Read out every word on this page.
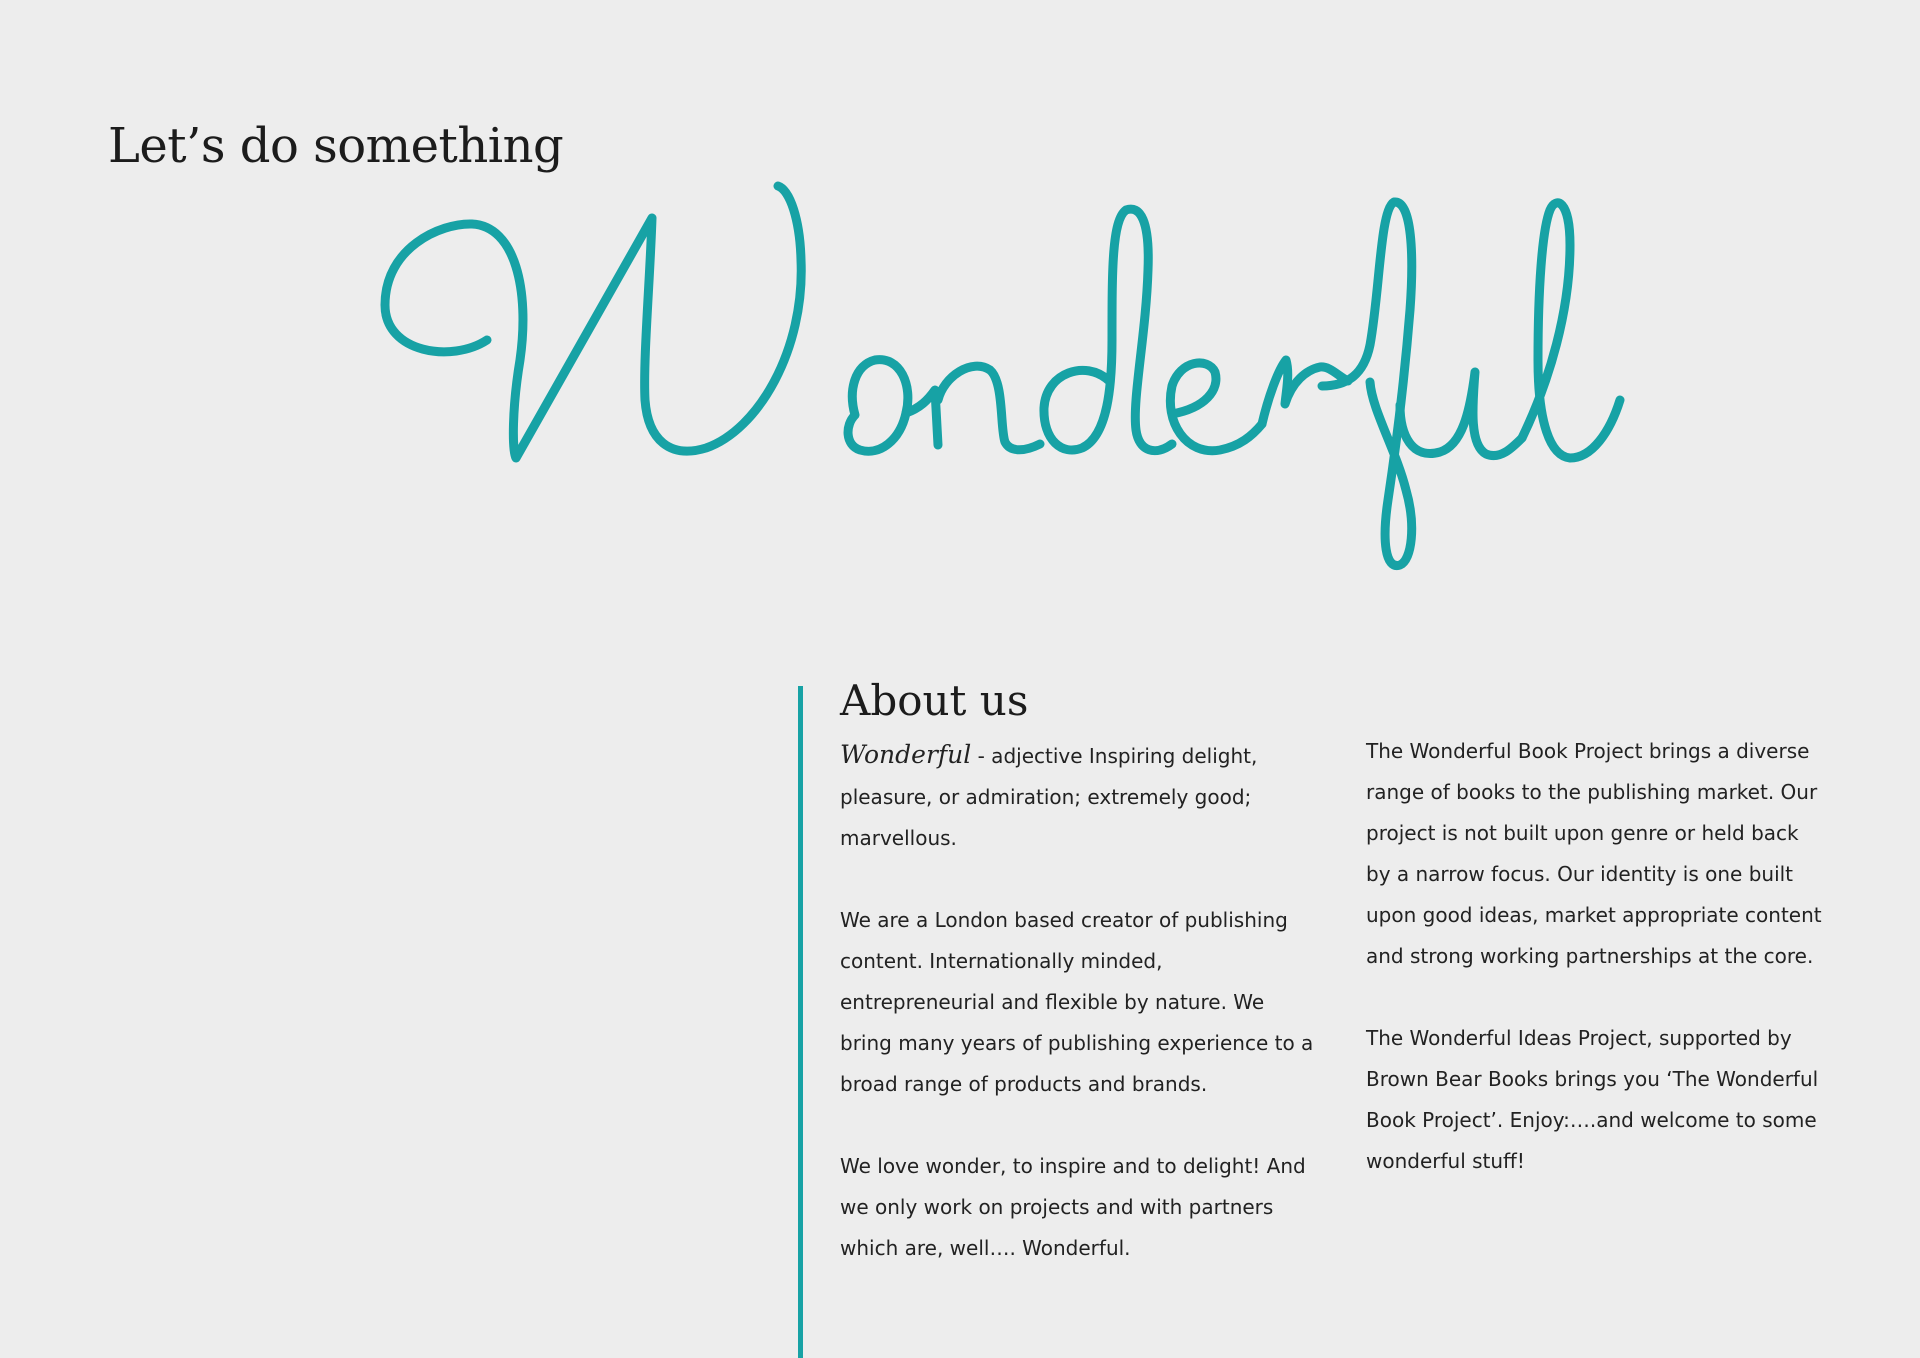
Let’s do something
About us

Wonderful - adjective Inspiring delight, pleasure, or admiration; extremely good; marvellous.

We are a London based creator of publishing content. Internationally minded, entrepreneurial and flexible by nature. We bring many years of publishing experience to a broad range of products and brands.

We love wonder, to inspire and to delight! And we only work on projects and with partners which are, well…. Wonderful.

The Wonderful Book Project brings a diverse range of books to the publishing market. Our project is not built upon genre or held back by a narrow focus. Our identity is one built upon good ideas, market appropriate content and strong working partnerships at the core.

The Wonderful Ideas Project, supported by Brown Bear Books brings you ‘The Wonderful Book Project’. Enjoy:….and welcome to some wonderful stuff!
